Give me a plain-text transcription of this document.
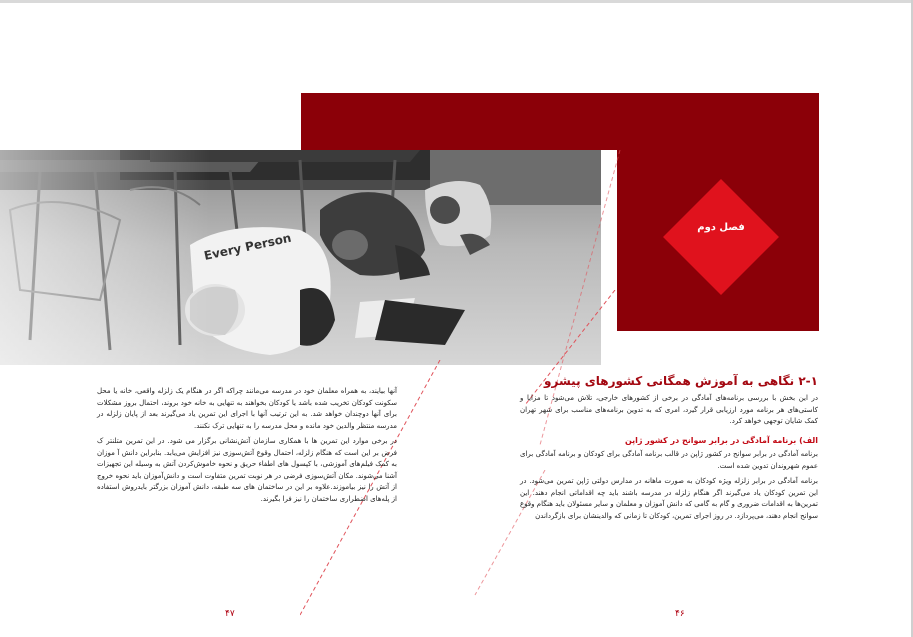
فصل دوم
۲-۱ نگاهی به آموزش همگانی کشورهای پیشرو

در این بخش با بررسی برنامه‌های آمادگی در برخی از کشورهای خارجی، تلاش می‌شود تا مزایا و کاستی‌های هر برنامه مورد ارزیابی قرار گیرد، امری که به تدوین برنامه‌های مناسب برای شهر تهران کمک شایان توجهی خواهد کرد.

الف) برنامه آمادگی در برابر سوانح در کشور ژاپن

برنامه آمادگی در برابر سوانح در کشور ژاپن در قالب برنامه آمادگی برای کودکان و برنامه آمادگی برای عموم شهروندان تدوین شده است.

برنامه آمادگی در برابر زلزله ویژه کودکان به صورت ماهانه در مدارس دولتی ژاپن تمرین می‌شود. در این تمرین کودکان یاد می‌گیرند اگر هنگام زلزله در مدرسه باشند باید چه اقداماتی انجام دهند. این تمرین‌ها به اقدامات ضروری و گام به گامی که دانش آموزان و معلمان و سایر مسئولان باید هنگام وقوع سوانح انجام دهند، می‌پردازد. در روز اجرای تمرین، کودکان تا زمانی که والدینشان برای بازگرداندن

۴۶

آنها بیایند، به همراه معلمان خود در مدرسه می‌مانند چراکه اگر در هنگام یک زلزله واقعی، خانه یا محل سکونت کودکان تخریب شده باشد یا کودکان بخواهند به تنهایی به خانه خود بروند، احتمال بروز مشکلات برای آنها دوچندان خواهد شد. به این ترتیب آنها با اجرای این تمرین یاد می‌گیرند بعد از پایان زلزله در مدرسه منتظر والدین خود مانده و محل مدرسه را به تنهایی ترک نکنند.

در برخی موارد این تمرین ها با همکاری سازمان آتش‌نشانی برگزار می شود. در این تمرین متلنتر ک فرض بر این است که هنگام زلزله، احتمال وقوع آتش‌سوزی نیز افزایش می‌یابد. بنابراین دانش آ موزان به کمک فیلم‌های آموزشی، با کپسول های اطفاء حریق و نحوه خاموش‌کردن آتش به وسیله این تجهیزات آشنا می‌شوند. مکان آتش‌سوزی فرضی در هر نوبت تمرین متفاوت است و دانش‌آموزان باید نحوه خروج از آتش را نیز بیاموزند.علاوه بر این در ساختمان های سه طبقه، دانش آموزان بزرگتر بایدروش استفاده از پله‌های اضطراری ساختمان را نیز فرا بگیرند.

۴۷
